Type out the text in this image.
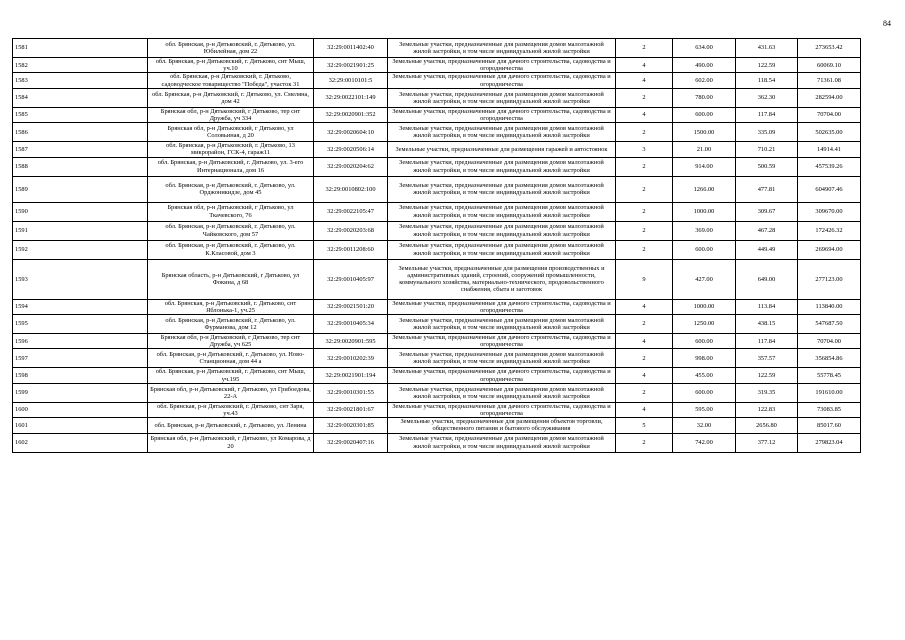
84
1581	обл. Брянская, р-н Дятьковский, г. Дятьково, ул. Юбилейная, дом 22	32:29:0011402:40	Земельные участки, предназначенные для размещения домов малоэтажной жилой застройки, в том числе индивидуальной жилой застройки	2	634.00	431.63	273653.42
1582	обл. Брянская, р-н Дятьковский, г. Дятьково, снт Мыш, уч.10	32:29:0021901:25	Земельные участки, предназначенные для дачного строительства, садоводства и огородничества	4	490.00	122.59	60069.10
1583	обл. Брянская, р-н Дятьковский, г. Дятьково, садоводческое товарищество "Победа", участок 31	32:29:0010101:5	Земельные участки, предназначенные для дачного строительства, садоводства и огородничества	4	602.00	118.54	71361.08
1584	обл. Брянская, р-н Дятьковский, г. Дятьково, ул. Смеляна, дом 42	32:29:0022101:149	Земельные участки, предназначенные для размещения домов малоэтажной жилой застройки, в том числе индивидуальной жилой застройки	2	780.00	362.30	282594.00
1585	Брянская обл, р-н Дятьковский, г Дятьково, тер снт Дружба, уч 334	32:29:0020901:352	Земельные участки, предназначенные для дачного строительства, садоводства и огородничества	4	600.00	117.84	70704.00
1586	Брянская обл, р-н Дятьковский, г Дятьково, ул Соловьиная, д 20	32:29:0020604:10	Земельные участки, предназначенные для размещения домов малоэтажной жилой застройки, в том числе индивидуальной жилой застройки	2	1500.00	335.09	502635.00
1587	обл. Брянская, р-н Дятьковский, г. Дятьково, 13 микрорайон, ГСК-4, гараж11	32:29:0020506:14	Земельные участки, предназначенные для размещения гаражей и автостоянок	3	21.00	710.21	14914.41
1588	обл. Брянская, р-н Дятьковский, г. Дятьково, ул. 3-его Интернационала, дом 16	32:29:0020204:62	Земельные участки, предназначенные для размещения домов малоэтажной жилой застройки, в том числе индивидуальной жилой застройки	2	914.00	500.59	457539.26
1589	обл. Брянская, р-н Дятьковский, г. Дятьково, ул. Орджоникидзе, дом 45	32:29:0010802:100	Земельные участки, предназначенные для размещения домов малоэтажной жилой застройки, в том числе индивидуальной жилой застройки	2	1266.00	477.81	604907.46
1590	Брянская обл, р-н Дятьковский, г Дятьково, ул Ткачевского, 76	32:29:0022105:47	Земельные участки, предназначенные для размещения домов малоэтажной жилой застройки, в том числе индивидуальной жилой застройки	2	1000.00	309.67	309670.00
1591	обл. Брянская, р-н Дятьковский, г. Дятьково, ул. Чайковского, дом 57	32:29:0020203:68	Земельные участки, предназначенные для размещения домов малоэтажной жилой застройки, в том числе индивидуальной жилой застройки	2	369.00	467.28	172426.32
1592	обл. Брянская, р-н Дятьковский, г. Дятьково, ул. К.Класовой, дом 3	32:29:0011208:60	Земельные участки, предназначенные для размещения домов малоэтажной жилой застройки, в том числе индивидуальной жилой застройки	2	600.00	449.49	269694.00
1593	Брянская область, р-н Дятьковский, г Дятьково, ул Фокина, д 68	32:29:0010405:97	Земельные участки, предназначенные для размещения производственных и административных зданий, строений, сооружений промышленности, коммунального хозяйства, материально-технического, продовольственного снабжения, сбыта и заготовок	9	427.00	649.00	277123.00
1594	обл. Брянская, р-н Дятьковский, г. Дятьково, снт Яблонька-1, уч.25	32:29:0021501:20	Земельные участки, предназначенные для дачного строительства, садоводства и огородничества	4	1000.00	113.84	113840.00
1595	обл. Брянская, р-н Дятьковский, г. Дятьково, ул. Фурманова, дом 12	32:29:0010405:34	Земельные участки, предназначенные для размещения домов малоэтажной жилой застройки, в том числе индивидуальной жилой застройки	2	1250.00	438.15	547687.50
1596	Брянская обл, р-н Дятьковский, г Дятьково, тер снт Дружба, уч 625	32:29:0020901:595	Земельные участки, предназначенные для дачного строительства, садоводства и огородничества	4	600.00	117.84	70704.00
1597	обл. Брянская, р-н Дятьковский, г. Дятьково, ул. Ново-Станционная, дом 44 а	32:29:0010202:39	Земельные участки, предназначенные для размещения домов малоэтажной жилой застройки, в том числе индивидуальной жилой застройки	2	998.00	357.57	356854.86
1598	обл. Брянская, р-н Дятьковский, г. Дятьково, снт Мыш, уч.195	32:29:0021901:194	Земельные участки, предназначенные для дачного строительства, садоводства и огородничества	4	455.00	122.59	55778.45
1599	Брянская обл, р-н Дятьковский, г Дятьково, ул Грибоедова, 22-А	32:29:0010301:55	Земельные участки, предназначенные для размещения домов малоэтажной жилой застройки, в том числе индивидуальной жилой застройки	2	600.00	319.35	191610.00
1600	обл. Брянская, р-н Дятьковский, г. Дятьково, снт Заря, уч.43	32:29:0021801:67	Земельные участки, предназначенные для дачного строительства, садоводства и огородничества	4	595.00	122.83	73083.85
1601	обл. Брянская, р-н Дятьковский, г. Дятьково, ул. Ленина	32:29:0020301:85	Земельные участки, предназначенные для размещения объектов торговли, общественного питания и бытового обслуживания	5	32.00	2656.80	85017.60
1602	Брянская обл, р-н Дятьковский, г Дятьково, ул Комарова, д 20	32:29:0020407:16	Земельные участки, предназначенные для размещения домов малоэтажной жилой застройки, в том числе индивидуальной жилой застройки	2	742.00	377.12	279823.04
